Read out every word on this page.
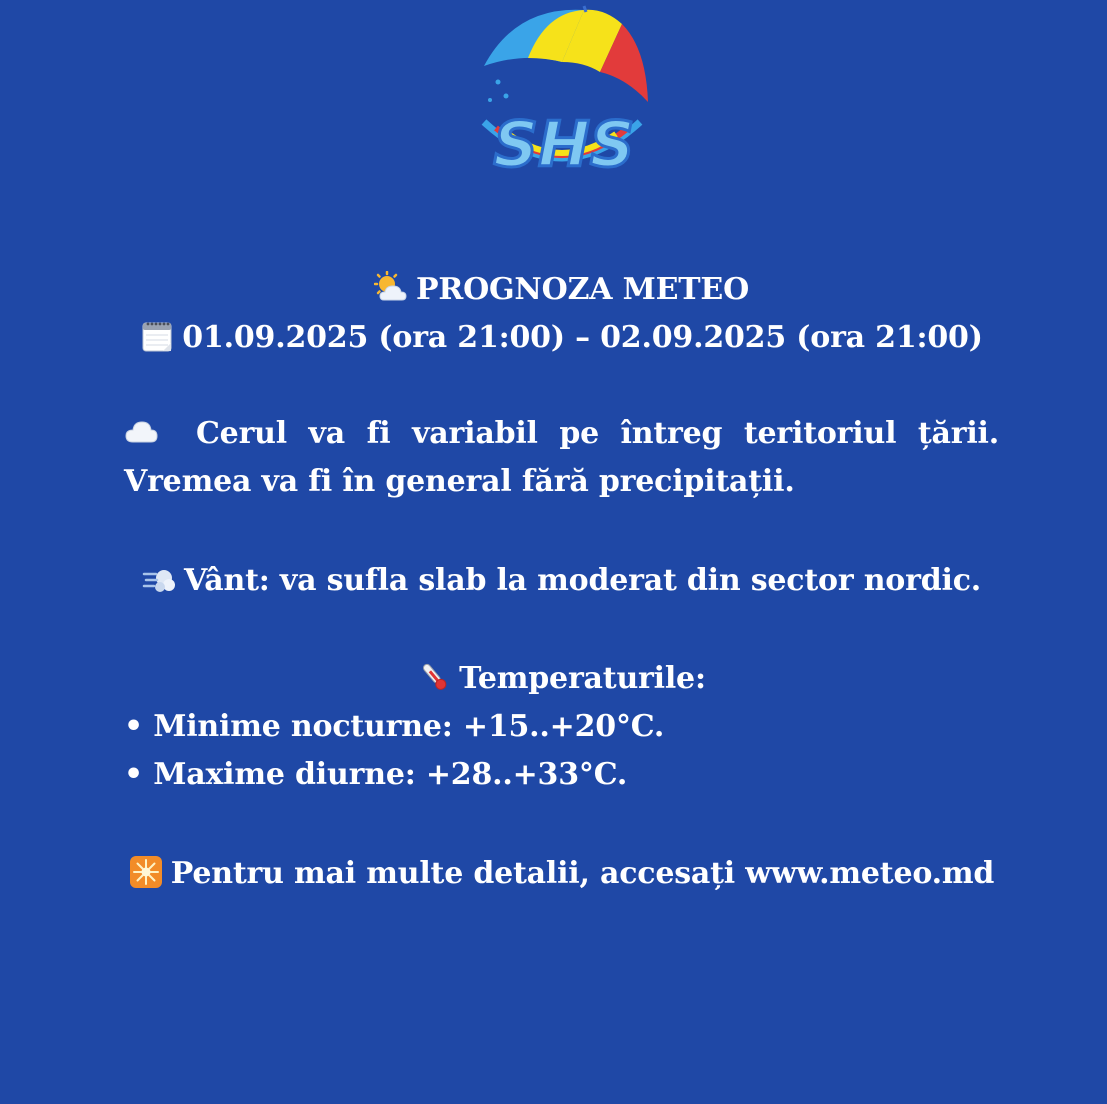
SHS
PROGNOZA METEO
01.09.2025 (ora 21:00) – 02.09.2025 (ora 21:00)
Cerul va fi variabil pe întreg teritoriul țării. Vremea va fi în general fără precipitații.
Vânt: va sufla slab la moderat din sector nordic.
Temperaturile:
• Minime nocturne: +15..+20°C.
• Maxime diurne: +28..+33°C.
Pentru mai multe detalii, accesați www.meteo.md
